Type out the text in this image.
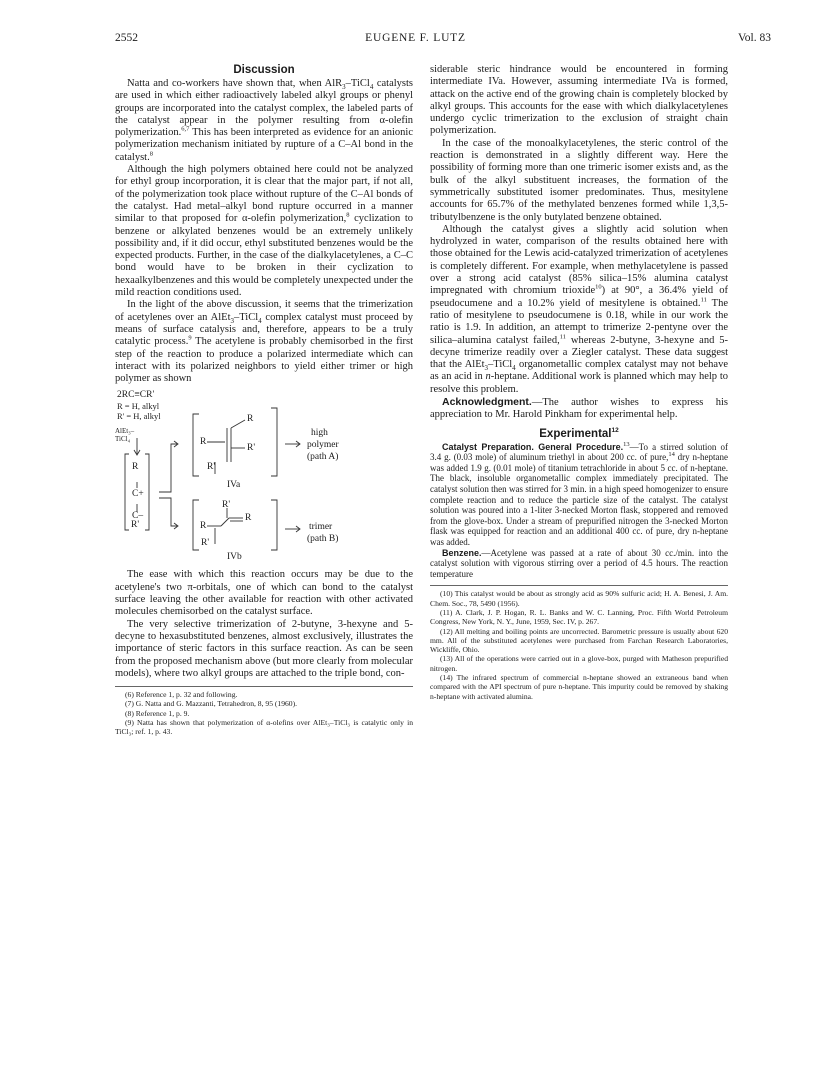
2552	EUGENE F. LUTZ	Vol. 83
Discussion

Natta and co-workers have shown that, when AlR$_3$–TiCl$_4$ catalysts are used in which either radioactively labeled alkyl groups or phenyl groups are incorporated into the catalyst complex, the labeled parts of the catalyst appear in the polymer resulting from α-olefin polymerization.$^{6,7}$ This has been interpreted as evidence for an anionic polymerization mechanism initiated by rupture of a C–Al bond in the catalyst.$^8$

Although the high polymers obtained here could not be analyzed for ethyl group incorporation, it is clear that the major part, if not all, of the polymerization took place without rupture of the C–Al bonds of the catalyst. Had metal–alkyl bond rupture occurred in a manner similar to that proposed for α-olefin polymerization,$^8$ cyclization to benzene or alkylated benzenes would be an extremely unlikely possibility and, if it did occur, ethyl substituted benzenes would be the expected products. Further, in the case of the dialkylacetylenes, a C–C bond would have to be broken in their cyclization to hexaalkylbenzenes and this would be completely unexpected under the mild reaction conditions used.

In the light of the above discussion, it seems that the trimerization of acetylenes over an AlEt$_3$–TiCl$_4$ complex catalyst must proceed by means of surface catalysis and, therefore, appears to be a truly catalytic process.$^9$ The acetylene is probably chemisorbed in the first step of the reaction to produce a polarized intermediate which can interact with its polarized neighbors to yield either trimer or high polymer as shown

2RC≡CR'
R = H, alkyl
R' = H, alkyl
AlEt₃–
TiCl₄
R
C+
C–
R'
R
R
R'
R'
IVa
high
polymer
(path A)
R'
R
R
R'
IVb
trimer
(path B)

The ease with which this reaction occurs may be due to the acetylene's two π-orbitals, one of which can bond to the catalyst surface leaving the other available for reaction with other activated molecules chemisorbed on the catalyst surface.

The very selective trimerization of 2-butyne, 3-hexyne and 5-decyne to hexasubstituted benzenes, almost exclusively, illustrates the importance of steric factors in this surface reaction. As can be seen from the proposed mechanism above (but more clearly from molecular models), where two alkyl groups are attached to the triple bond, con-

(6) Reference 1, p. 32 and following.

(7) G. Natta and G. Mazzanti, Tetrahedron, 8, 95 (1960).

(8) Reference 1, p. 9.

(9) Natta has shown that polymerization of α-olefins over AlEt₃–TiCl₃ is catalytic only in TiCl₃; ref. 1, p. 43.

siderable steric hindrance would be encountered in forming intermediate IVa. However, assuming intermediate IVa is formed, attack on the active end of the growing chain is completely blocked by alkyl groups. This accounts for the ease with which dialkylacetylenes undergo cyclic trimerization to the exclusion of straight chain polymerization.

In the case of the monoalkylacetylenes, the steric control of the reaction is demonstrated in a slightly different way. Here the possibility of forming more than one trimeric isomer exists and, as the bulk of the alkyl substituent increases, the formation of the symmetrically substituted isomer predominates. Thus, mesitylene accounts for 65.7% of the methylated benzenes formed while 1,3,5-tributylbenzene is the only butylated benzene obtained.

Although the catalyst gives a slightly acid solution when hydrolyzed in water, comparison of the results obtained here with those obtained for the Lewis acid-catalyzed trimerization of acetylenes is completely different. For example, when methylacetylene is passed over a strong acid catalyst (85% silica–15% alumina catalyst impregnated with chromium trioxide$^{10}$) at 90°, a 36.4% yield of pseudocumene and a 10.2% yield of mesitylene is obtained.$^{11}$ The ratio of mesitylene to pseudocumene is 0.18, while in our work the ratio is 1.9. In addition, an attempt to trimerize 2-pentyne over the silica–alumina catalyst failed,$^{11}$ whereas 2-butyne, 3-hexyne and 5-decyne trimerize readily over a Ziegler catalyst. These data suggest that the AlEt$_3$–TiCl$_4$ organometallic complex catalyst may not behave as an acid in n-heptane. Additional work is planned which may help to resolve this problem.

Acknowledgment.—The author wishes to express his appreciation to Mr. Harold Pinkham for experimental help.

Experimental$^{12}$

Catalyst Preparation. General Procedure.$^{13}$—To a stirred solution of 3.4 g. (0.03 mole) of aluminum triethyl in about 200 cc. of pure,$^{14}$ dry n-heptane was added 1.9 g. (0.01 mole) of titanium tetrachloride in about 5 cc. of n-heptane. The black, insoluble organometallic complex immediately precipitated. The catalyst solution then was stirred for 3 min. in a high speed homogenizer to ensure complete reaction and to reduce the particle size of the catalyst. The catalyst solution was poured into a 1-liter 3-necked Morton flask, stoppered and removed from the glove-box. Under a stream of prepurified nitrogen the 3-necked Morton flask was equipped for reaction and an additional 400 cc. of pure, dry n-heptane was added.

Benzene.—Acetylene was passed at a rate of about 30 cc./min. into the catalyst solution with vigorous stirring over a period of 4.5 hours. The reaction temperature

(10) This catalyst would be about as strongly acid as 90% sulfuric acid; H. A. Benesi, J. Am. Chem. Soc., 78, 5490 (1956).

(11) A. Clark, J. P. Hogan, R. L. Banks and W. C. Lanning, Proc. Fifth World Petroleum Congress, New York, N. Y., June, 1959, Sec. IV, p. 267.

(12) All melting and boiling points are uncorrected. Barometric pressure is usually about 620 mm. All of the substituted acetylenes were purchased from Farchan Research Laboratories, Wickliffe, Ohio.

(13) All of the operations were carried out in a glove-box, purged with Matheson prepurified nitrogen.

(14) The infrared spectrum of commercial n-heptane showed an extraneous band when compared with the API spectrum of pure n-heptane. This impurity could be removed by shaking n-heptane with activated alumina.
